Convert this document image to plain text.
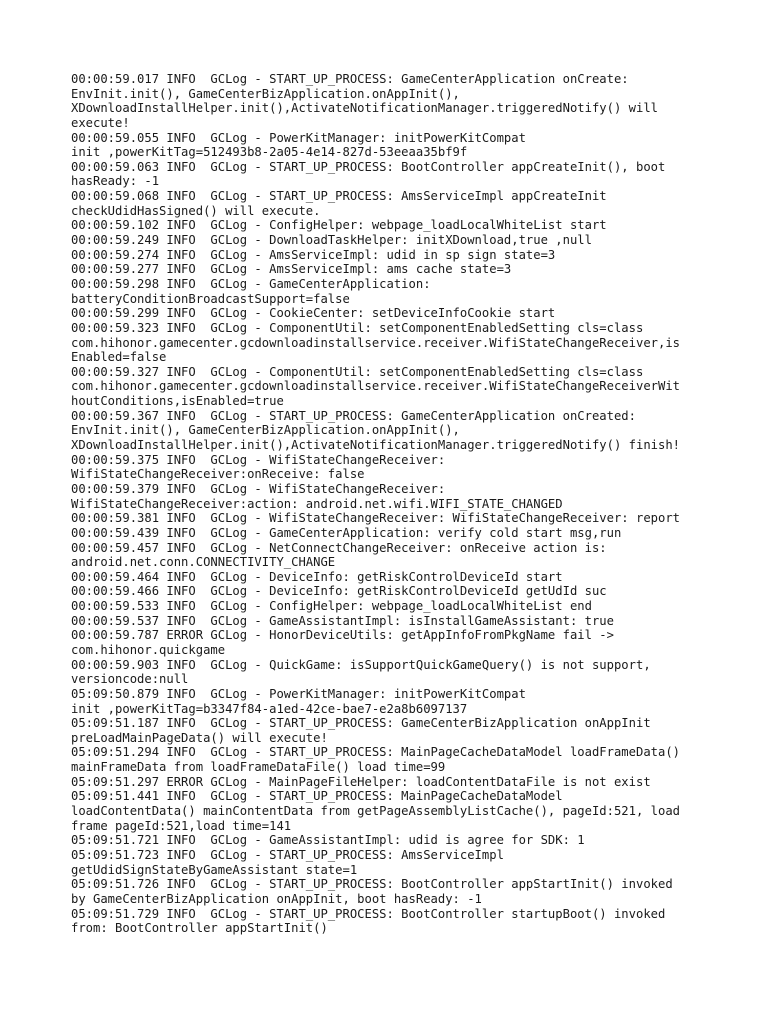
00:00:59.017 INFO  GCLog - START_UP_PROCESS: GameCenterApplication onCreate:
EnvInit.init(), GameCenterBizApplication.onAppInit(),
XDownloadInstallHelper.init(),ActivateNotificationManager.triggeredNotify() will
execute!
00:00:59.055 INFO  GCLog - PowerKitManager: initPowerKitCompat
init ,powerKitTag=512493b8-2a05-4e14-827d-53eeaa35bf9f
00:00:59.063 INFO  GCLog - START_UP_PROCESS: BootController appCreateInit(), boot
hasReady: -1
00:00:59.068 INFO  GCLog - START_UP_PROCESS: AmsServiceImpl appCreateInit
checkUdidHasSigned() will execute.
00:00:59.102 INFO  GCLog - ConfigHelper: webpage_loadLocalWhiteList start
00:00:59.249 INFO  GCLog - DownloadTaskHelper: initXDownload,true ,null
00:00:59.274 INFO  GCLog - AmsServiceImpl: udid in sp sign state=3
00:00:59.277 INFO  GCLog - AmsServiceImpl: ams cache state=3
00:00:59.298 INFO  GCLog - GameCenterApplication:
batteryConditionBroadcastSupport=false
00:00:59.299 INFO  GCLog - CookieCenter: setDeviceInfoCookie start
00:00:59.323 INFO  GCLog - ComponentUtil: setComponentEnabledSetting cls=class
com.hihonor.gamecenter.gcdownloadinstallservice.receiver.WifiStateChangeReceiver,is
Enabled=false
00:00:59.327 INFO  GCLog - ComponentUtil: setComponentEnabledSetting cls=class
com.hihonor.gamecenter.gcdownloadinstallservice.receiver.WifiStateChangeReceiverWit
houtConditions,isEnabled=true
00:00:59.367 INFO  GCLog - START_UP_PROCESS: GameCenterApplication onCreated:
EnvInit.init(), GameCenterBizApplication.onAppInit(),
XDownloadInstallHelper.init(),ActivateNotificationManager.triggeredNotify() finish!
00:00:59.375 INFO  GCLog - WifiStateChangeReceiver:
WifiStateChangeReceiver:onReceive: false
00:00:59.379 INFO  GCLog - WifiStateChangeReceiver:
WifiStateChangeReceiver:action: android.net.wifi.WIFI_STATE_CHANGED
00:00:59.381 INFO  GCLog - WifiStateChangeReceiver: WifiStateChangeReceiver: report
00:00:59.439 INFO  GCLog - GameCenterApplication: verify cold start msg,run
00:00:59.457 INFO  GCLog - NetConnectChangeReceiver: onReceive action is:
android.net.conn.CONNECTIVITY_CHANGE
00:00:59.464 INFO  GCLog - DeviceInfo: getRiskControlDeviceId start
00:00:59.466 INFO  GCLog - DeviceInfo: getRiskControlDeviceId getUdId suc
00:00:59.533 INFO  GCLog - ConfigHelper: webpage_loadLocalWhiteList end
00:00:59.537 INFO  GCLog - GameAssistantImpl: isInstallGameAssistant: true
00:00:59.787 ERROR GCLog - HonorDeviceUtils: getAppInfoFromPkgName fail ->
com.hihonor.quickgame
00:00:59.903 INFO  GCLog - QuickGame: isSupportQuickGameQuery() is not support,
versioncode:null
05:09:50.879 INFO  GCLog - PowerKitManager: initPowerKitCompat
init ,powerKitTag=b3347f84-a1ed-42ce-bae7-e2a8b6097137
05:09:51.187 INFO  GCLog - START_UP_PROCESS: GameCenterBizApplication onAppInit
preLoadMainPageData() will execute!
05:09:51.294 INFO  GCLog - START_UP_PROCESS: MainPageCacheDataModel loadFrameData()
mainFrameData from loadFrameDataFile() load time=99
05:09:51.297 ERROR GCLog - MainPageFileHelper: loadContentDataFile is not exist
05:09:51.441 INFO  GCLog - START_UP_PROCESS: MainPageCacheDataModel
loadContentData() mainContentData from getPageAssemblyListCache(), pageId:521, load
frame pageId:521,load time=141
05:09:51.721 INFO  GCLog - GameAssistantImpl: udid is agree for SDK: 1
05:09:51.723 INFO  GCLog - START_UP_PROCESS: AmsServiceImpl
getUdidSignStateByGameAssistant state=1
05:09:51.726 INFO  GCLog - START_UP_PROCESS: BootController appStartInit() invoked
by GameCenterBizApplication onAppInit, boot hasReady: -1
05:09:51.729 INFO  GCLog - START_UP_PROCESS: BootController startupBoot() invoked
from: BootController appStartInit()
